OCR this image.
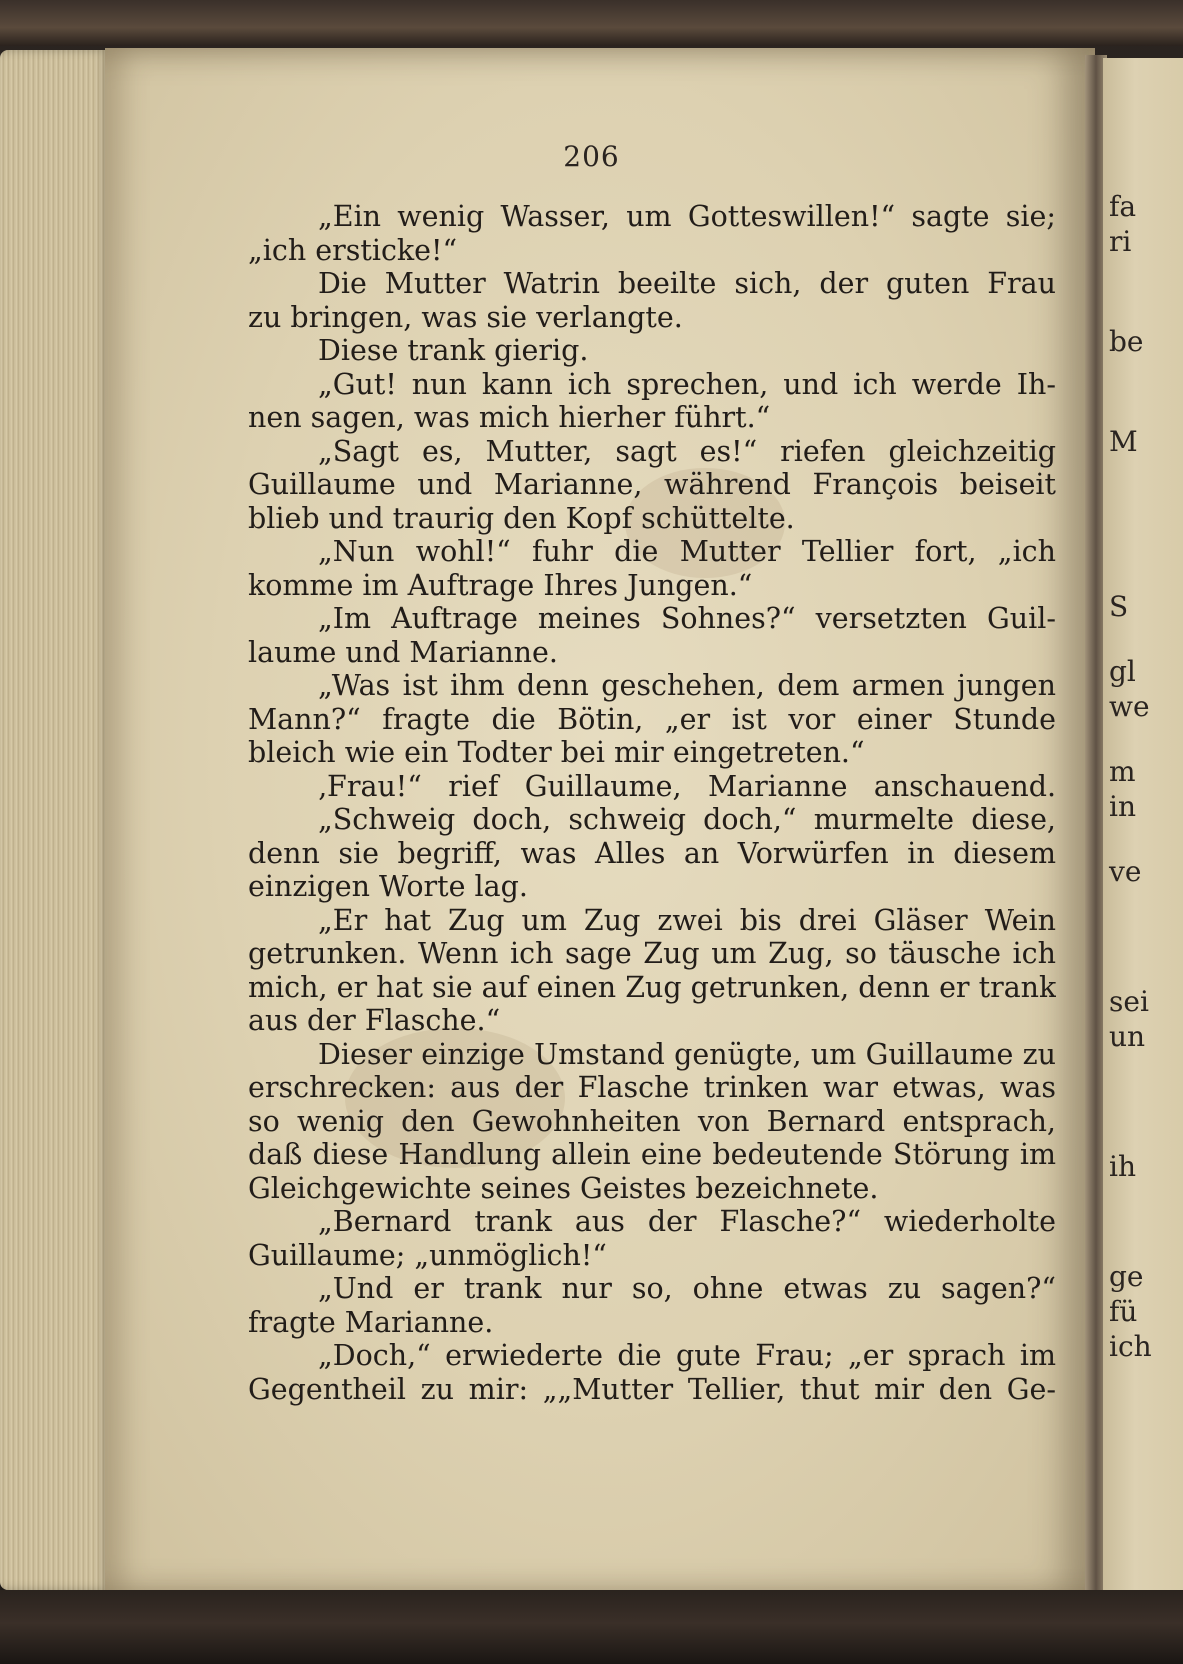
fa
ri
be
M
S
gl
we
m
in
ve
sei
un
ih
ge
fü
ich
206
„Ein wenig Wasser, um Gotteswillen!“ sagte sie;
„ich ersticke!“
Die Mutter Watrin beeilte sich, der guten Frau
zu bringen, was sie verlangte.
Diese trank gierig.
„Gut! nun kann ich sprechen, und ich werde Ih-
nen sagen, was mich hierher führt.“
„Sagt es, Mutter, sagt es!“ riefen gleichzeitig
Guillaume und Marianne, während François beiseit
blieb und traurig den Kopf schüttelte.
„Nun wohl!“ fuhr die Mutter Tellier fort, „ich
komme im Auftrage Ihres Jungen.“
„Im Auftrage meines Sohnes?“ versetzten Guil-
laume und Marianne.
„Was ist ihm denn geschehen, dem armen jungen
Mann?“ fragte die Bötin, „er ist vor einer Stunde
bleich wie ein Todter bei mir eingetreten.“
‚Frau!“ rief Guillaume, Marianne anschauend.
„Schweig doch, schweig doch,“ murmelte diese,
denn sie begriff, was Alles an Vorwürfen in diesem
einzigen Worte lag.
„Er hat Zug um Zug zwei bis drei Gläser Wein
getrunken. Wenn ich sage Zug um Zug, so täusche ich
mich, er hat sie auf einen Zug getrunken, denn er trank
aus der Flasche.“
Dieser einzige Umstand genügte, um Guillaume zu
erschrecken: aus der Flasche trinken war etwas, was
so wenig den Gewohnheiten von Bernard entsprach,
daß diese Handlung allein eine bedeutende Störung im
Gleichgewichte seines Geistes bezeichnete.
„Bernard trank aus der Flasche?“ wiederholte
Guillaume; „unmöglich!“
„Und er trank nur so, ohne etwas zu sagen?“
fragte Marianne.
„Doch,“ erwiederte die gute Frau; „er sprach im
Gegentheil zu mir: „„Mutter Tellier, thut mir den Ge-
